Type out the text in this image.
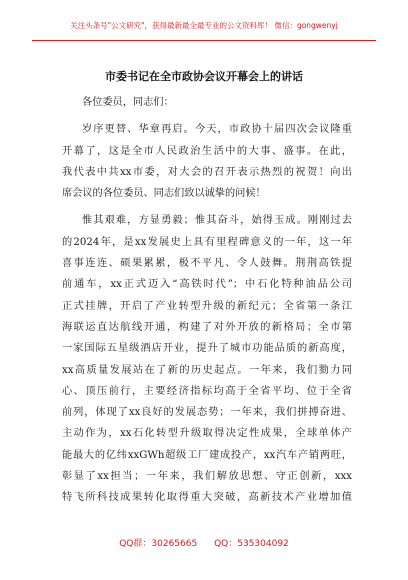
关注头条号"公文研究"，获得最新最全最专业的公文资料库！ 微信：gongwenyj
市委书记在全市政协会议开幕会上的讲话
各位委员，同志们：
岁序更替、华章再启。今天，市政协十届四次会议隆重
开幕了，这是全市人民政治生活中的大事、盛事。在此，
我代表中共xx市委，对大会的召开表示热烈的祝贺！向出
席会议的各位委员、同志们致以诚挚的问候！
惟其艰难，方显勇毅；惟其奋斗，始得玉成。刚刚过去
的2024年，是xx发展史上具有里程碑意义的一年，这一年
喜事连连、硕果累累，极不平凡、令人鼓舞。荆荆高铁提
前通车，xx正式迈入“高铁时代”；中石化特种油品公司
正式挂牌，开启了产业转型升级的新纪元；全省第一条江
海联运直达航线开通，构建了对外开放的新格局；全市第
一家国际五星级酒店开业，提升了城市功能品质的新高度，
xx高质量发展站在了新的历史起点。一年来，我们勠力同
心、顶压前行，主要经济指标均高于全省平均、位于全省
前列，体现了xx良好的发展态势；一年来，我们拼搏奋进、
主动作为，xx石化转型升级取得决定性成果，全球单体产
能最大的亿纬xxGWh超级工厂建成投产，xx汽车产销两旺，
彰显了xx担当；一年来，我们解放思想、守正创新，xxx
特飞所科技成果转化取得重大突破，高新技术产业增加值
QQ群：30265665 QQ：535304092
